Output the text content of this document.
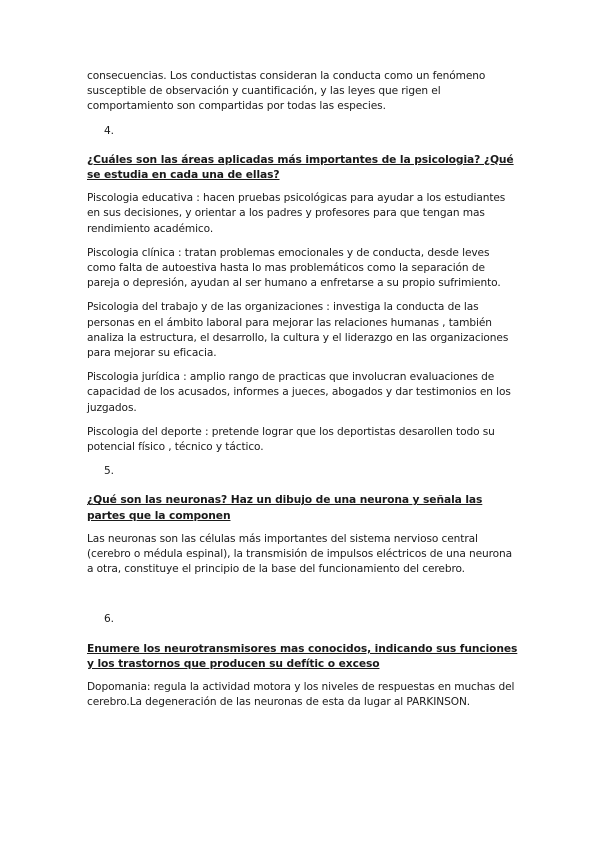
consecuencias. Los conductistas consideran la conducta como un fenómeno susceptible de observación y cuantificación, y las leyes que rigen el comportamiento son compartidas por todas las especies.

4.

¿Cuáles son las áreas aplicadas más importantes de la psicologia? ¿Qué se estudia en cada una de ellas?

Piscologia educativa : hacen pruebas psicológicas para ayudar a los estudiantes en sus decisiones, y orientar a los padres y profesores para que tengan mas rendimiento académico.

Piscologia clínica : tratan problemas emocionales y de conducta, desde leves como falta de autoestiva hasta lo mas problemáticos como la separación de pareja o depresión, ayudan al ser humano a enfretarse a su propio sufrimiento.

Psicologia del trabajo y de las organizaciones : investiga la conducta de las personas en el ámbito laboral para mejorar las relaciones humanas , también analiza la estructura, el desarrollo, la cultura y el liderazgo en las organizaciones para mejorar su eficacia.

Piscologia jurídica : amplio rango de practicas que involucran evaluaciones de capacidad de los acusados, informes a jueces, abogados y dar testimonios en los juzgados.

Piscologia del deporte : pretende lograr que los deportistas desarollen todo su potencial físico , técnico y táctico.

5.

¿Qué son las neuronas? Haz un dibujo de una neurona y señala las partes que la componen

Las neuronas son las células más importantes del sistema nervioso central (cerebro o médula espinal), la transmisión de impulsos eléctricos de una neurona a otra, constituye el principio de la base del funcionamiento del cerebro.

6.

Enumere los neurotransmisores mas conocidos, indicando sus funciones y los trastornos que producen su defític o exceso

Dopomania: regula la actividad motora y los niveles de respuestas en muchas del cerebro.La degeneración de las neuronas de esta da lugar al PARKINSON.
